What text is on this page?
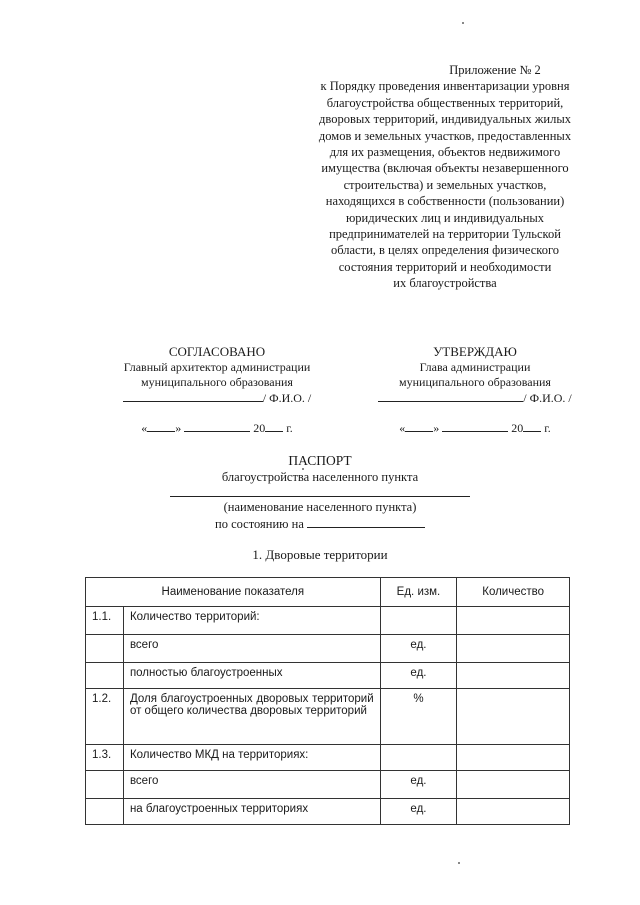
Приложение № 2
к Порядку проведения инвентаризации уровня
благоустройства общественных территорий,
дворовых территорий, индивидуальных жилых
домов и земельных участков, предоставленных
для их размещения, объектов недвижимого
имущества (включая объекты незавершенного
строительства) и земельных участков,
находящихся в собственности (пользовании)
юридических лиц и индивидуальных
предпринимателей на территории Тульской
области, в целях определения физического
состояния территорий и необходимости
их благоустройства
СОГЛАСОВАНО
Главный архитектор администрации
муниципального образования
/ Ф.И.О. /
« »	20 г.
УТВЕРЖДАЮ
Глава администрации
муниципального образования
/ Ф.И.О. /
« »	20 г.
ПАСПОРТ
благоустройства населенного пункта
(наименование населенного пункта)
по состоянию на
1. Дворовые территории
Наименование показателя		Ед. изм.	Количество
1.1.	Количество территорий:		
	всего	ед.	
	полностью благоустроенных	ед.	
1.2.	Доля благоустроенных дворовых территорий от общего количества дворовых территорий	%	
1.3.	Количество МКД на территориях:		
	всего	ед.	
	на благоустроенных территориях	ед.	
